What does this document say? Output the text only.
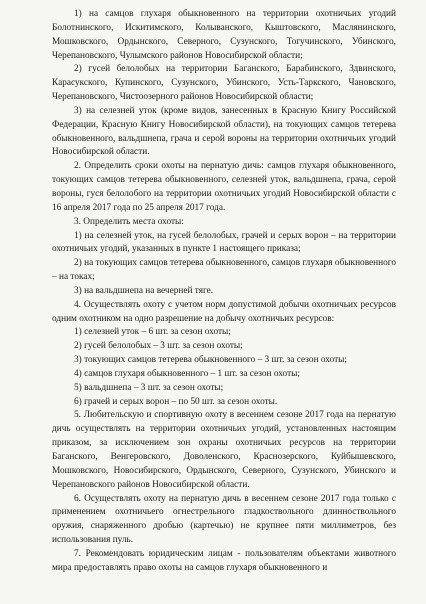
1) на самцов глухаря обыкновенного на территории охотничьих угодий Болотнинского, Искитимского, Колыванского, Кыштовского, Маслянинского, Мошковского, Ордынского, Северного, Сузунского, Тогучинского, Убинского, Черепановского, Чулымского районов Новосибирской области;

2) гусей белолобых на территории Баганского, Барабинского, Здвинского, Карасукского, Купинского, Сузунского, Убинского, Усть-Таркского, Чановского, Черепановского, Чистоозерного районов Новосибирской области;

3) на селезней уток (кроме видов, занесенных в Красную Книгу Российской Федерации, Красную Книгу Новосибирской области), на токующих самцов тетерева обыкновенного, вальдшнепа, грача и серой вороны на территории охотничьих угодий Новосибирской области.

2. Определить сроки охоты на пернатую дичь: самцов глухаря обыкновенного, токующих самцов тетерева обыкновенного, селезней уток, вальдшнепа, грача, серой вороны, гуся белолобого на территории охотничьих угодий Новосибирской области с 16 апреля 2017 года по 25 апреля 2017 года.

3. Определить места охоты:

1) на селезней уток, на гусей белолобых, грачей и серых ворон – на территории охотничьих угодий, указанных в пункте 1 настоящего приказа;

2) на токующих самцов тетерева обыкновенного, самцов глухаря обыкновенного – на токах;

3) на вальдшнепа на вечерней тяге.

4. Осуществлять охоту с учетом норм допустимой добычи охотничьих ресурсов одним охотником на одно разрешение на добычу охотничьих ресурсов:

1) селезней уток – 6 шт. за сезон охоты;

2) гусей белолобых – 3 шт. за сезон охоты;

3) токующих самцов тетерева обыкновенного – 3 шт. за сезон охоты;

4) самцов глухаря обыкновенного – 1 шт. за сезон охоты;

5) вальдшнепа – 3 шт. за сезон охоты;

6) грачей и серых ворон – по 50 шт. за сезон охоты.

5. Любительскую и спортивную охоту в весеннем сезоне 2017 года на пернатую дичь осуществлять на территории охотничьих угодий, установленных настоящим приказом, за исключением зон охраны охотничьих ресурсов на территории Баганского, Венгеровского, Доволенского, Краснозерского, Куйбышевского, Мошковского, Новосибирского, Ордынского, Северного, Сузунского, Убинского и Черепановского районов Новосибирской области.

6. Осуществлять охоту на пернатую дичь в весеннем сезоне 2017 года только с применением охотничьего огнестрельного гладкоствольного длинноствольного оружия, снаряженного дробью (картечью) не крупнее пяти миллиметров, без использования пуль.

7. Рекомендовать юридическим лицам - пользователям объектами животного мира предоставлять право охоты на самцов глухаря обыкновенного и
